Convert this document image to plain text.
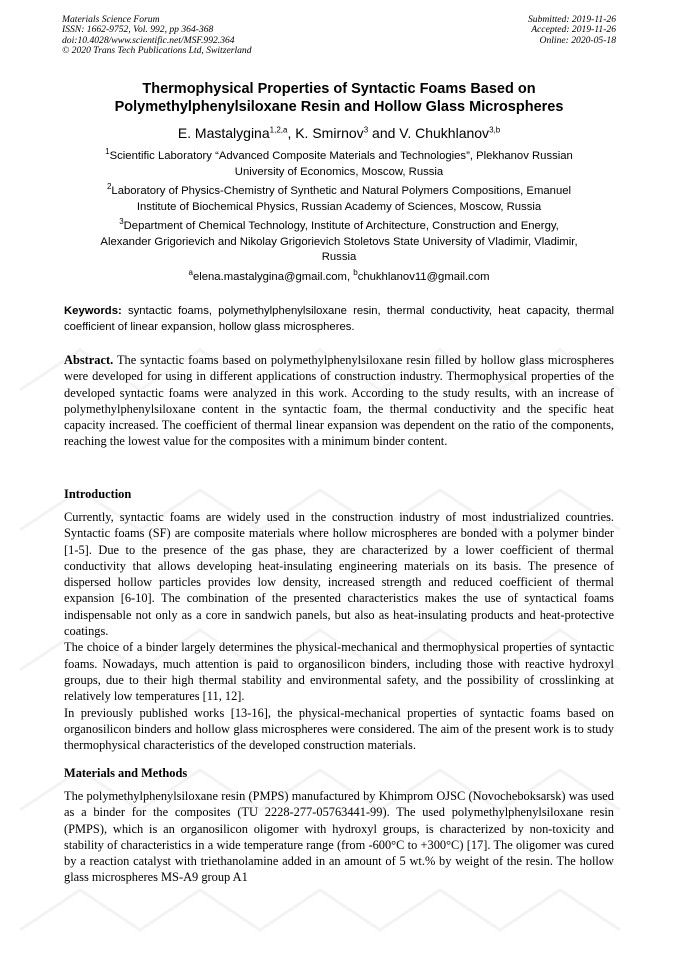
Materials Science Forum
ISSN: 1662-9752, Vol. 992, pp 364-368
doi:10.4028/www.scientific.net/MSF.992.364
© 2020 Trans Tech Publications Ltd, Switzerland
Submitted: 2019-11-26
Accepted: 2019-11-26
Online: 2020-05-18
Thermophysical Properties of Syntactic Foams Based on
Polymethylphenylsiloxane Resin and Hollow Glass Microspheres
E. Mastalygina$^{1,2,a}$, K. Smirnov$^3$ and V. Chukhlanov$^{3,b}$
$^1$Scientific Laboratory “Advanced Composite Materials and Technologies”, Plekhanov Russian
University of Economics, Moscow, Russia
$^2$Laboratory of Physics-Chemistry of Synthetic and Natural Polymers Compositions, Emanuel
Institute of Biochemical Physics, Russian Academy of Sciences, Moscow, Russia
$^3$Department of Chemical Technology, Institute of Architecture, Construction and Energy,
Alexander Grigorievich and Nikolay Grigorievich Stoletovs State University of Vladimir, Vladimir,
Russia
$^a$elena.mastalygina@gmail.com, $^b$chukhlanov11@gmail.com
Keywords: syntactic foams, polymethylphenylsiloxane resin, thermal conductivity, heat capacity, thermal coefficient of linear expansion, hollow glass microspheres.
Abstract. The syntactic foams based on polymethylphenylsiloxane resin filled by hollow glass microspheres were developed for using in different applications of construction industry. Thermophysical properties of the developed syntactic foams were analyzed in this work. According to the study results, with an increase of polymethylphenylsiloxane content in the syntactic foam, the thermal conductivity and the specific heat capacity increased. The coefficient of thermal linear expansion was dependent on the ratio of the components, reaching the lowest value for the composites with a minimum binder content.
Introduction

Currently, syntactic foams are widely used in the construction industry of most industrialized countries. Syntactic foams (SF) are composite materials where hollow microspheres are bonded with a polymer binder [1-5]. Due to the presence of the gas phase, they are characterized by a lower coefficient of thermal conductivity that allows developing heat-insulating engineering materials on its basis. The presence of dispersed hollow particles provides low density, increased strength and reduced coefficient of thermal expansion [6-10]. The combination of the presented characteristics makes the use of syntactical foams indispensable not only as a core in sandwich panels, but also as heat-insulating products and heat-protective coatings.

The choice of a binder largely determines the physical-mechanical and thermophysical properties of syntactic foams. Nowadays, much attention is paid to organosilicon binders, including those with reactive hydroxyl groups, due to their high thermal stability and environmental safety, and the possibility of crosslinking at relatively low temperatures [11, 12].

In previously published works [13-16], the physical-mechanical properties of syntactic foams based on organosilicon binders and hollow glass microspheres were considered. The aim of the present work is to study thermophysical characteristics of the developed construction materials.

Materials and Methods

The polymethylphenylsiloxane resin (PMPS) manufactured by Khimprom OJSC (Novocheboksarsk) was used as a binder for the composites (TU 2228-277-05763441-99). The used polymethylphenylsiloxane resin (PMPS), which is an organosilicon oligomer with hydroxyl groups, is characterized by non-toxicity and stability of characteristics in a wide temperature range (from -600°C to +300°C) [17]. The oligomer was cured by a reaction catalyst with triethanolamine added in an amount of 5 wt.% by weight of the resin. The hollow glass microspheres MS-A9 group A1
